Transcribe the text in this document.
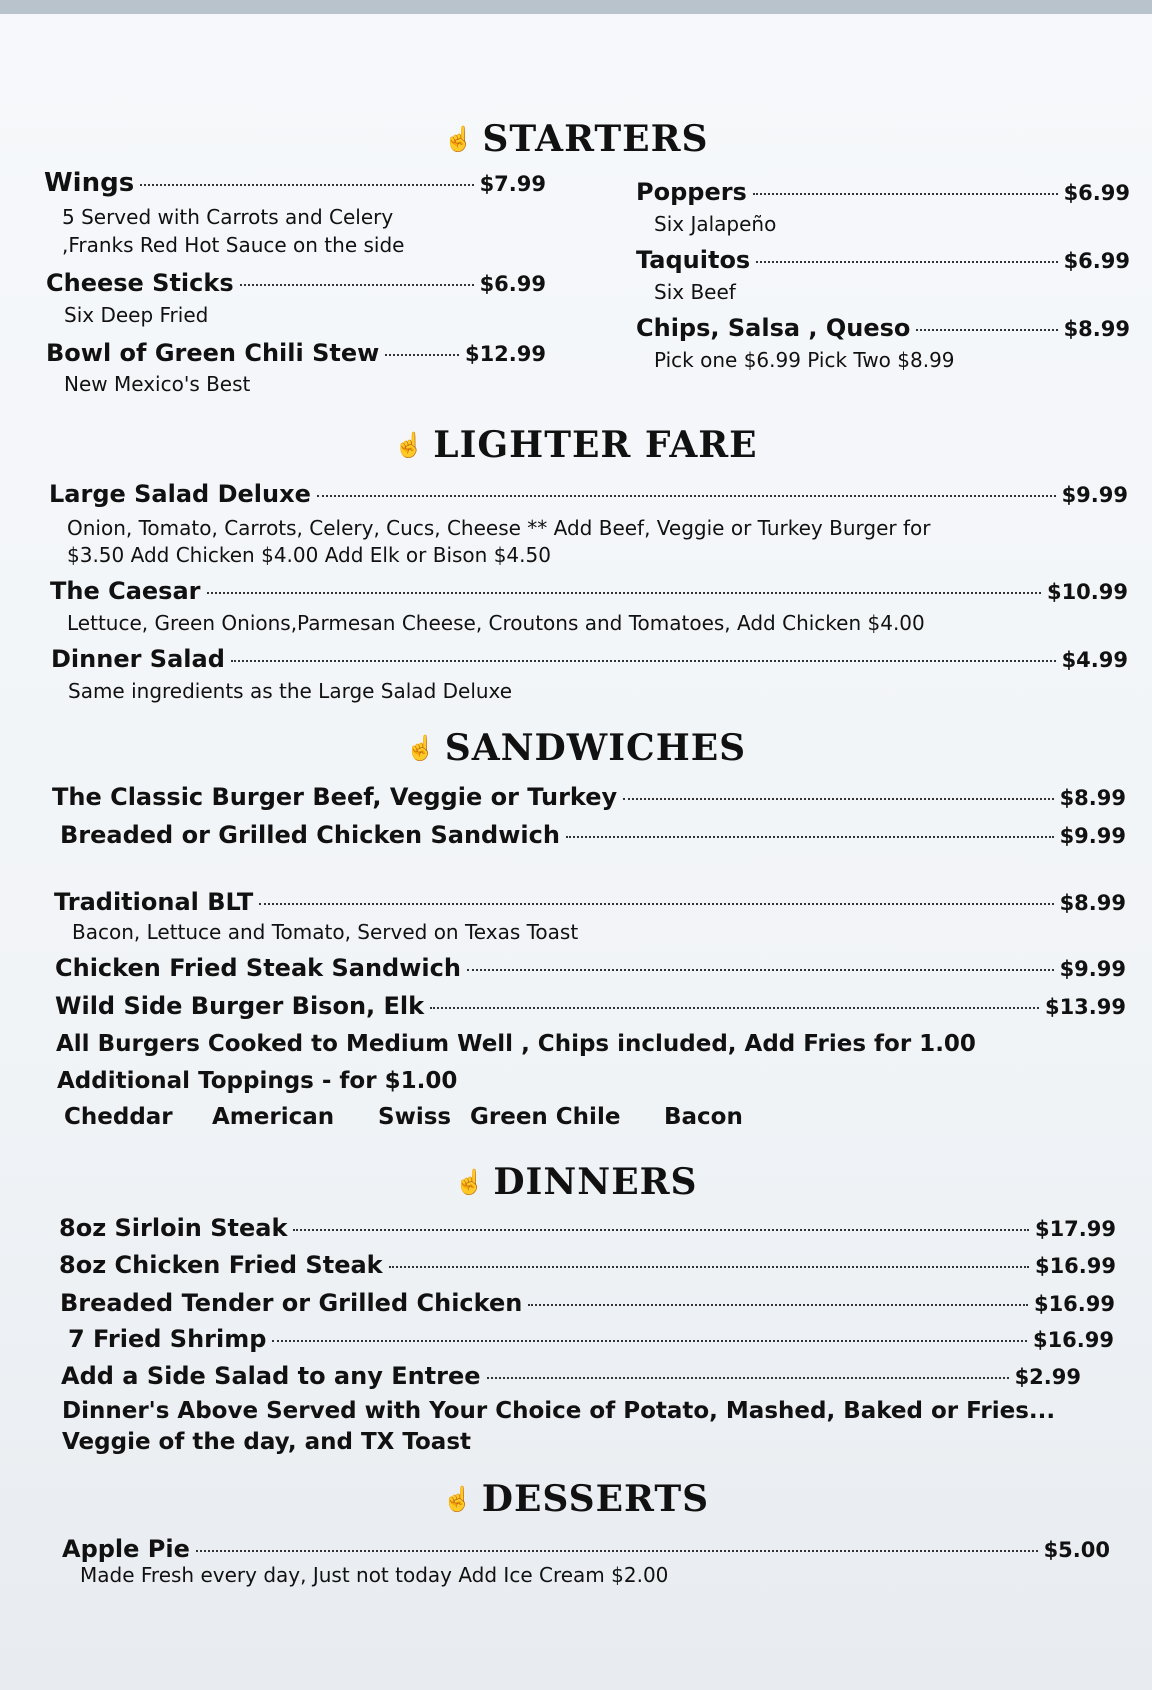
☝ STARTERS
Wings	$7.99
5 Served with Carrots and Celery
,Franks Red Hot Sauce on the side
Cheese Sticks	$6.99
Six Deep Fried
Bowl of Green Chili Stew	$12.99
New Mexico's Best
Poppers	$6.99
Six Jalapeño
Taquitos	$6.99
Six Beef
Chips, Salsa , Queso	$8.99
Pick one $6.99 Pick Two $8.99
☝ LIGHTER FARE
Large Salad Deluxe	$9.99
Onion, Tomato, Carrots, Celery, Cucs, Cheese ** Add Beef, Veggie or Turkey Burger for
$3.50 Add Chicken $4.00 Add Elk or Bison $4.50
The Caesar	$10.99
Lettuce, Green Onions,Parmesan Cheese, Croutons and Tomatoes, Add Chicken $4.00
Dinner Salad	$4.99
Same ingredients as the Large Salad Deluxe
☝ SANDWICHES
The Classic Burger Beef, Veggie or Turkey	$8.99
Breaded or Grilled Chicken Sandwich	$9.99
Traditional BLT	$8.99
Bacon, Lettuce and Tomato, Served on Texas Toast
Chicken Fried Steak Sandwich	$9.99
Wild Side Burger Bison, Elk	$13.99
All Burgers Cooked to Medium Well , Chips included, Add Fries for 1.00
Additional Toppings - for $1.00
Cheddar	American	Swiss Green Chile	Bacon
☝ DINNERS
8oz Sirloin Steak	$17.99
8oz Chicken Fried Steak	$16.99
Breaded Tender or Grilled Chicken	$16.99
7 Fried Shrimp	$16.99
Add a Side Salad to any Entree	$2.99
Dinner's Above Served with Your Choice of Potato, Mashed, Baked or Fries...
Veggie of the day, and TX Toast
☝ DESSERTS
Apple Pie	$5.00
Made Fresh every day, Just not today Add Ice Cream $2.00
